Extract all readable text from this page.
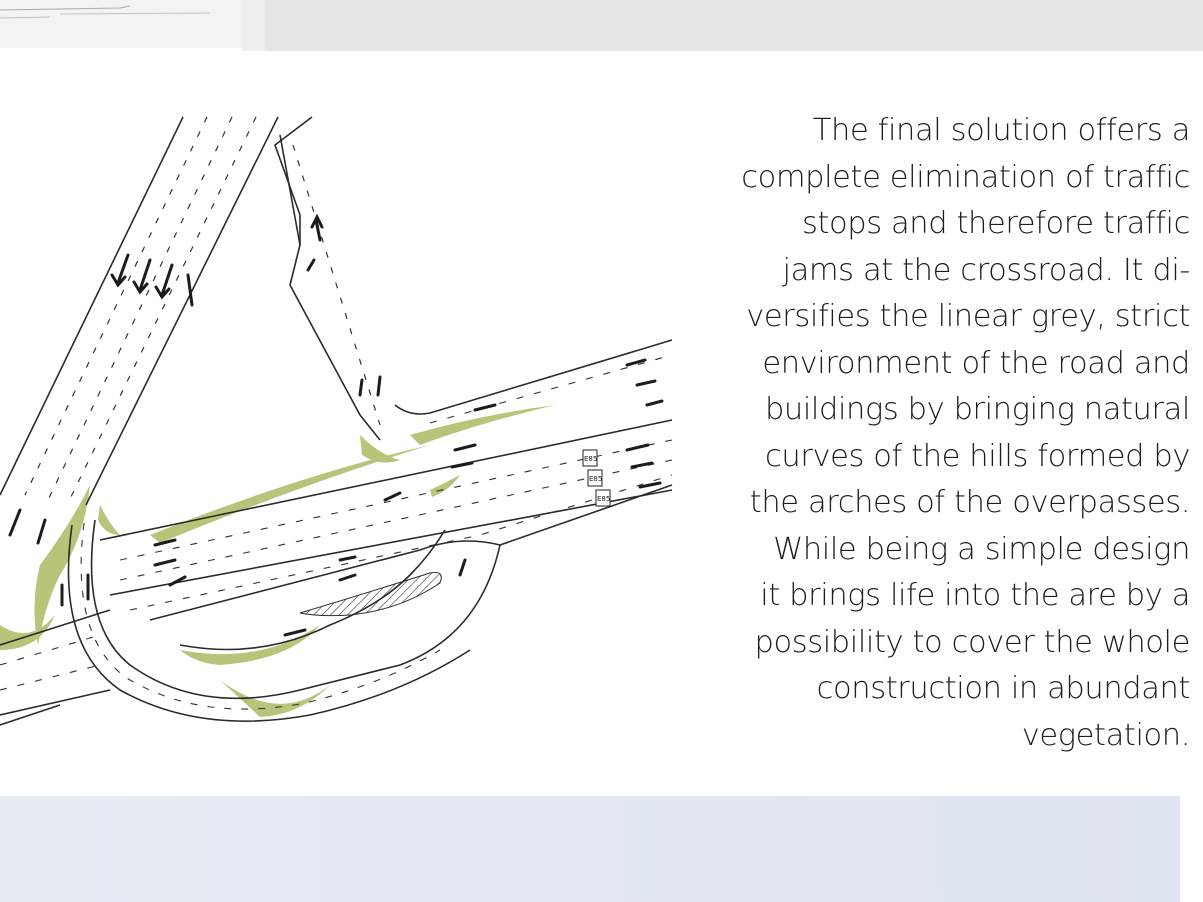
E85
E85
E85
The final solution offers a
complete elimination of traffic
stops and therefore traffic
jams at the crossroad. It di-
versifies the linear grey, strict
environment of the road and
buildings by bringing natural
curves of the hills formed by
the arches of the overpasses.
While being a simple design
it brings life into the are by a
possibility to cover the whole
construction in abundant
vegetation.
